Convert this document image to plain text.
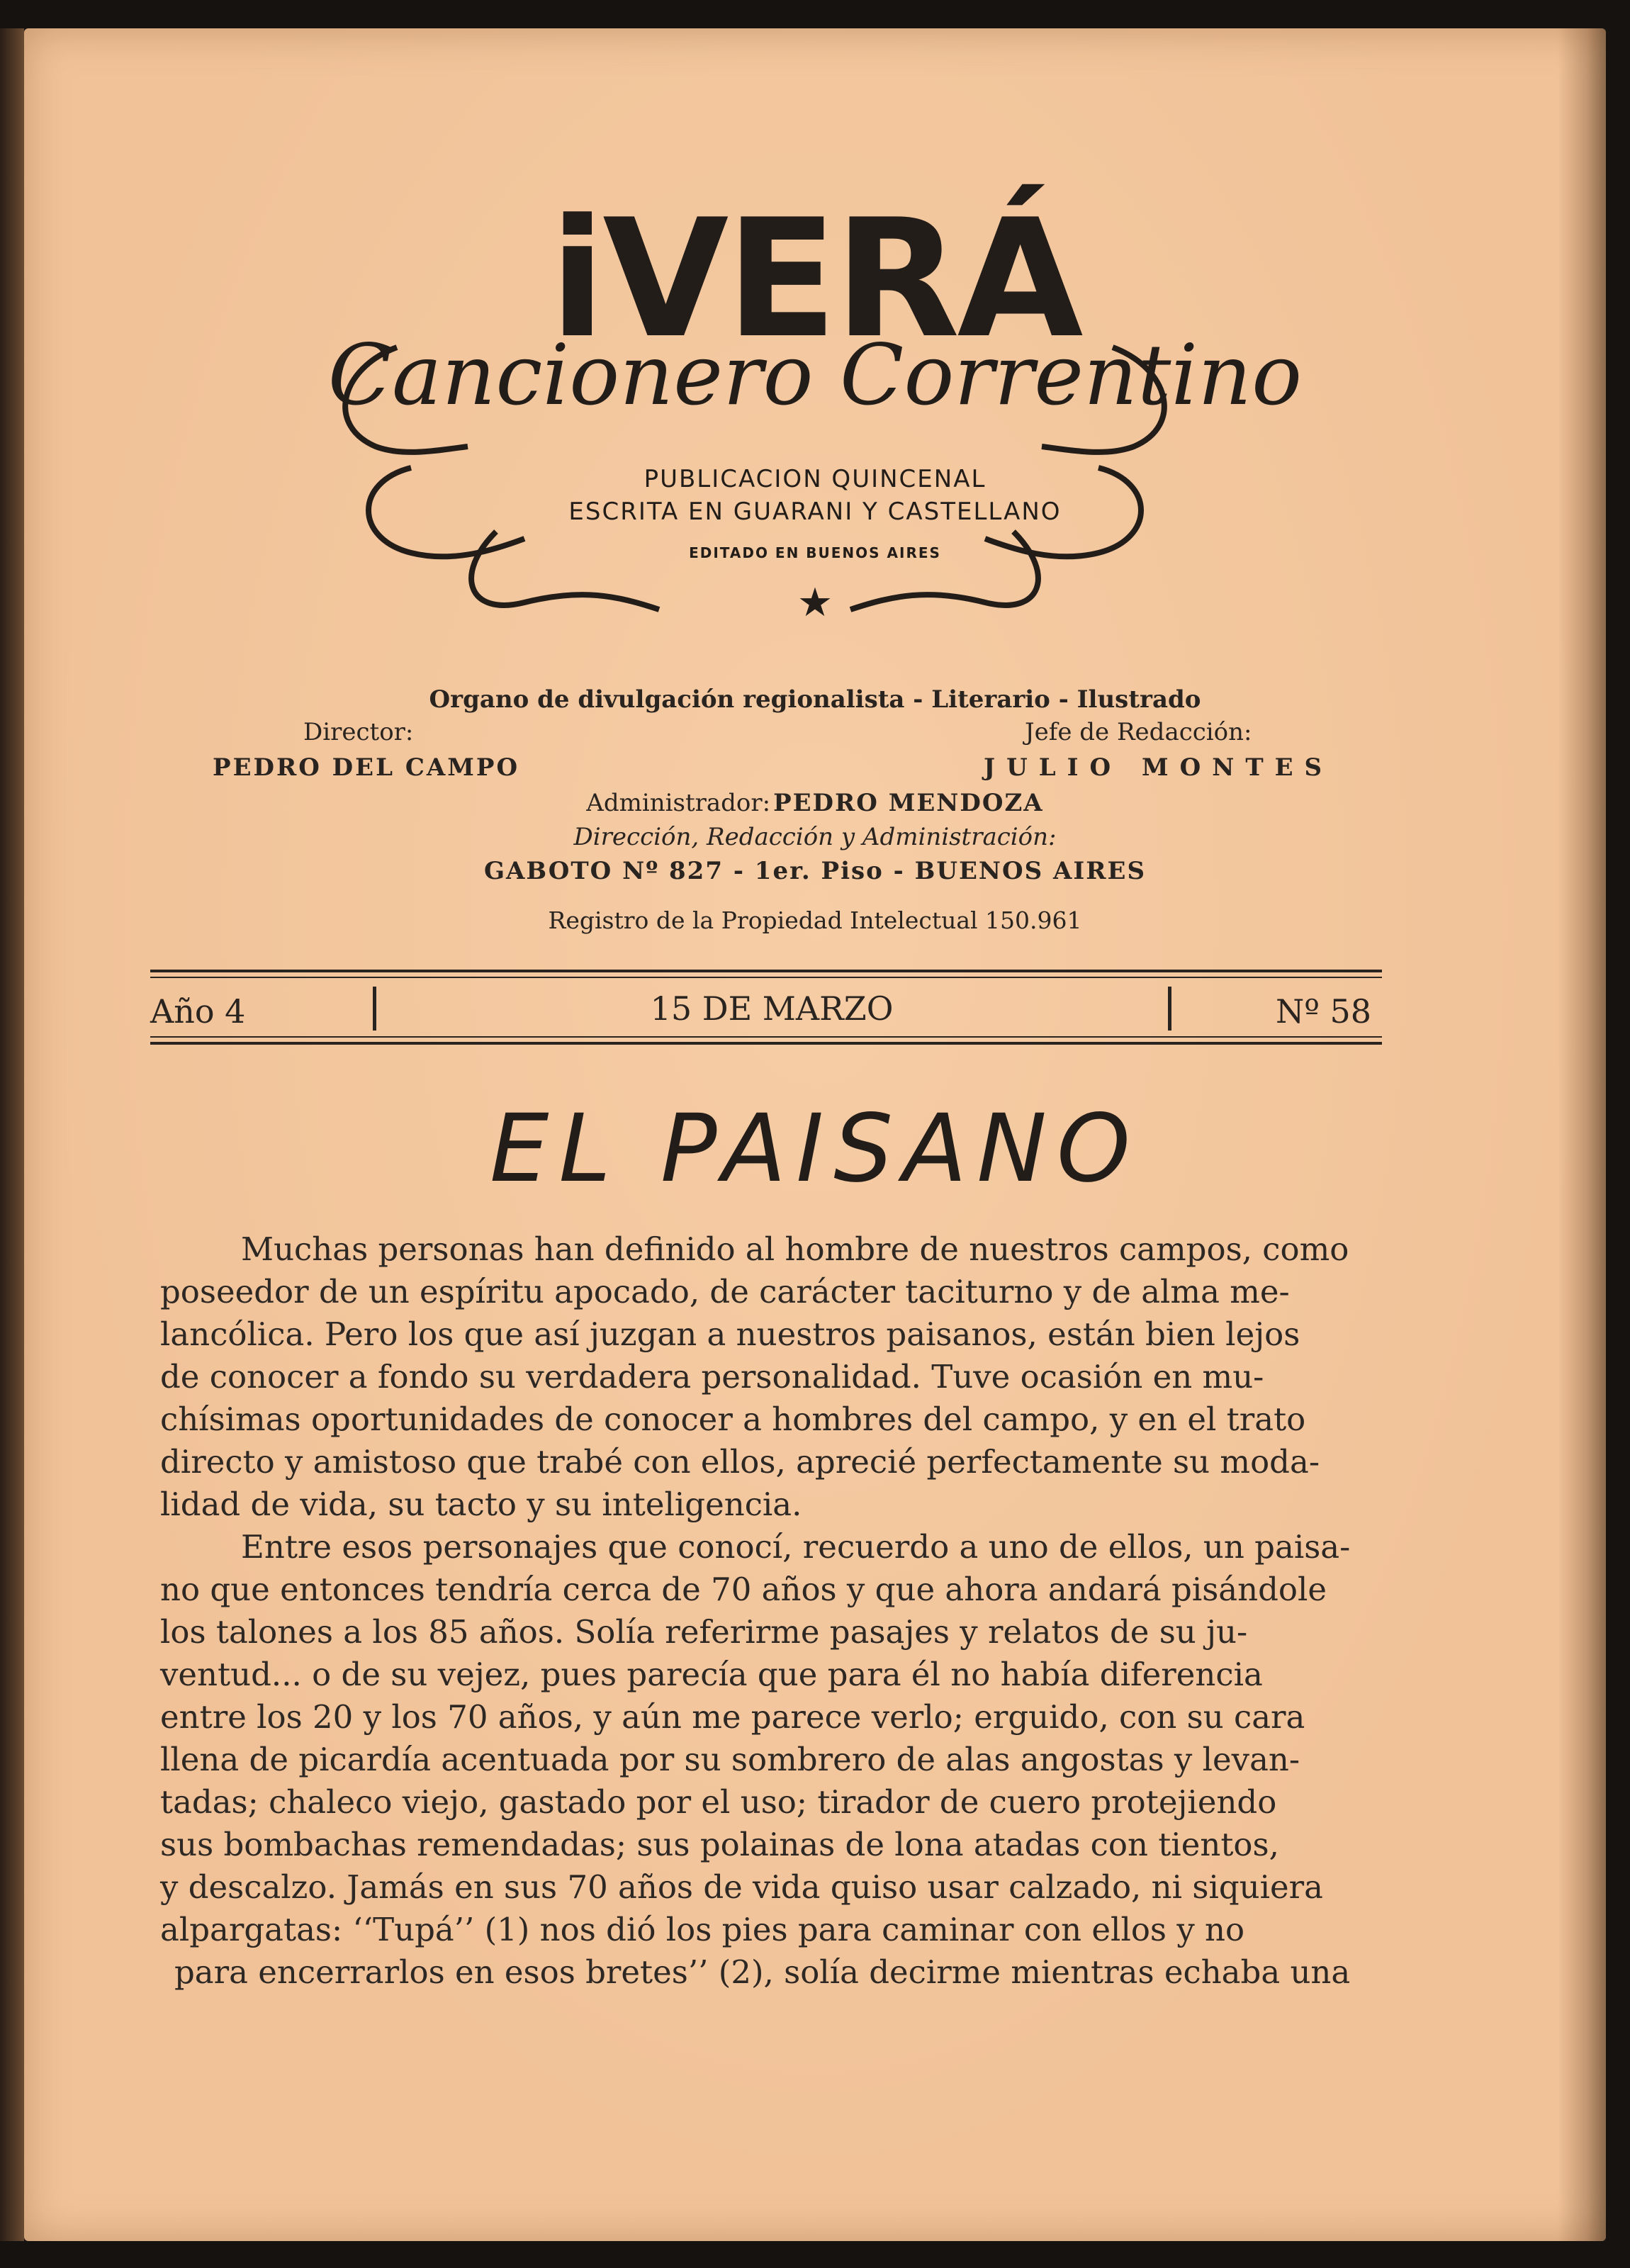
iVERÁ
Cancionero Correntino
PUBLICACION QUINCENAL
ESCRITA EN GUARANI Y CASTELLANO
EDITADO EN BUENOS AIRES
★
Organo de divulgación regionalista - Literario - Ilustrado
Director:	Jefe de Redacción:
PEDRO DEL CAMPO	JULIO MONTES
Administrador: PEDRO MENDOZA
Dirección, Redacción y Administración:
GABOTO Nº 827 - 1er. Piso - BUENOS AIRES
Registro de la Propiedad Intelectual 150.961
Año 4	15 DE MARZO	Nº 58
EL PAISANO
Muchas personas han definido al hombre de nuestros campos, como
poseedor de un espíritu apocado, de carácter taciturno y de alma me-
lancólica. Pero los que así juzgan a nuestros paisanos, están bien lejos
de conocer a fondo su verdadera personalidad. Tuve ocasión en mu-
chísimas oportunidades de conocer a hombres del campo, y en el trato
directo y amistoso que trabé con ellos, aprecié perfectamente su moda-
lidad de vida, su tacto y su inteligencia.
Entre esos personajes que conocí, recuerdo a uno de ellos, un paisa-
no que entonces tendría cerca de 70 años y que ahora andará pisándole
los talones a los 85 años. Solía referirme pasajes y relatos de su ju-
ventud... o de su vejez, pues parecía que para él no había diferencia
entre los 20 y los 70 años, y aún me parece verlo; erguido, con su cara
llena de picardía acentuada por su sombrero de alas angostas y levan-
tadas; chaleco viejo, gastado por el uso; tirador de cuero protejiendo
sus bombachas remendadas; sus polainas de lona atadas con tientos,
y descalzo. Jamás en sus 70 años de vida quiso usar calzado, ni siquiera
alpargatas: ‘‘Tupá’’ (1) nos dió los pies para caminar con ellos y no
para encerrarlos en esos bretes’’ (2), solía decirme mientras echaba una
